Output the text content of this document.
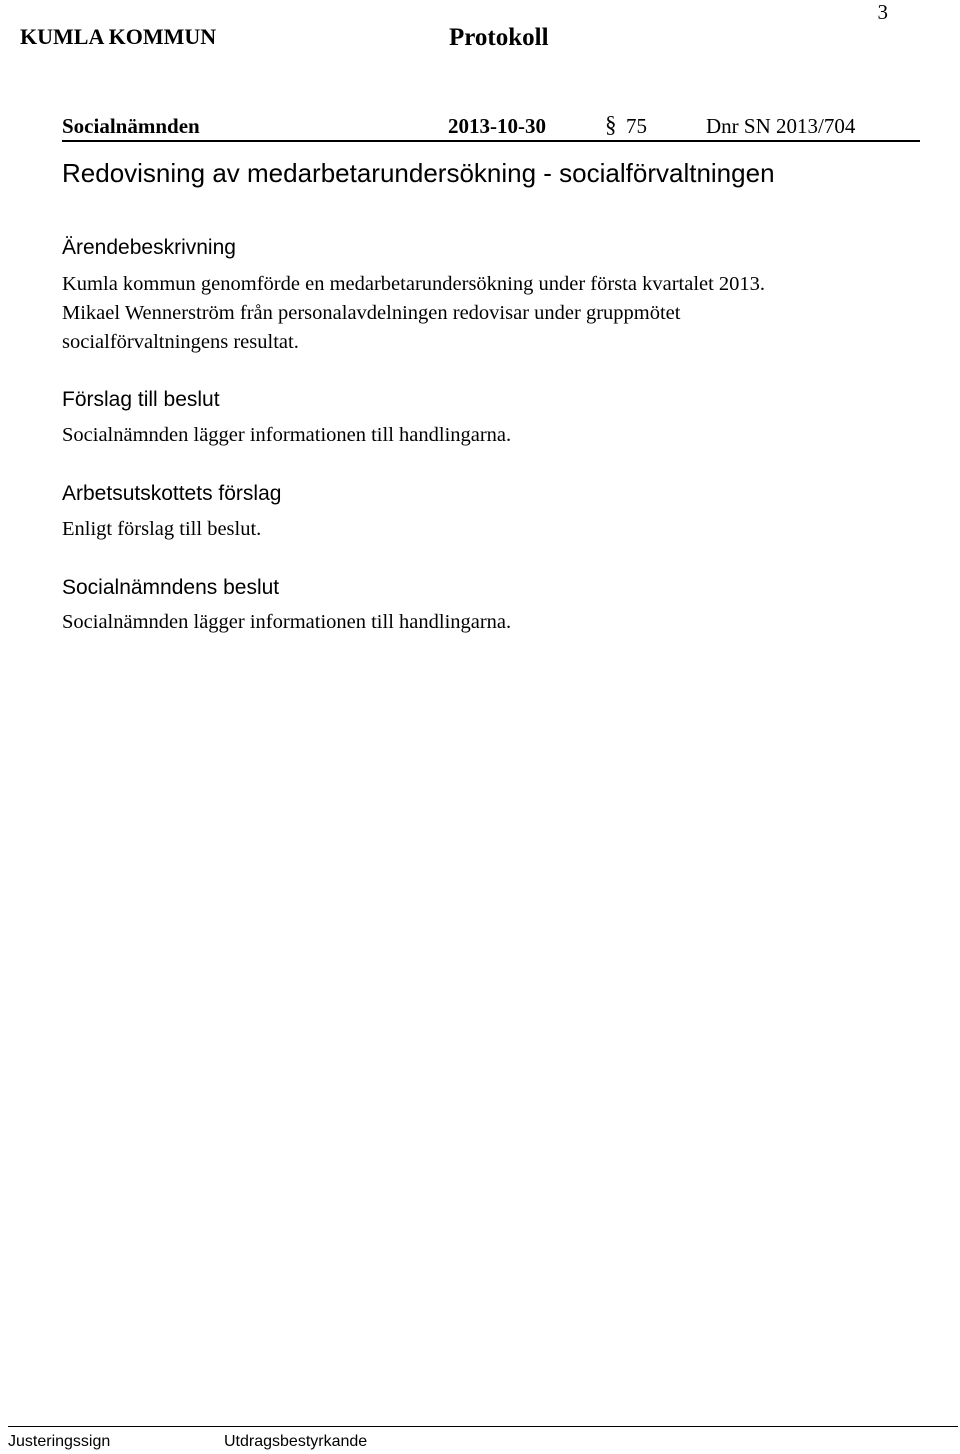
3
KUMLA KOMMUN	Protokoll
Socialnämnden	2013-10-30	§ 75	Dnr SN 2013/704
Redovisning av medarbetarundersökning - socialförvaltningen
Ärendebeskrivning
Kumla kommun genomförde en medarbetarundersökning under första kvartalet 2013.
Mikael Wennerström från personalavdelningen redovisar under gruppmötet
socialförvaltningens resultat.
Förslag till beslut
Socialnämnden lägger informationen till handlingarna.
Arbetsutskottets förslag
Enligt förslag till beslut.
Socialnämndens beslut
Socialnämnden lägger informationen till handlingarna.
Justeringssign	Utdragsbestyrkande
